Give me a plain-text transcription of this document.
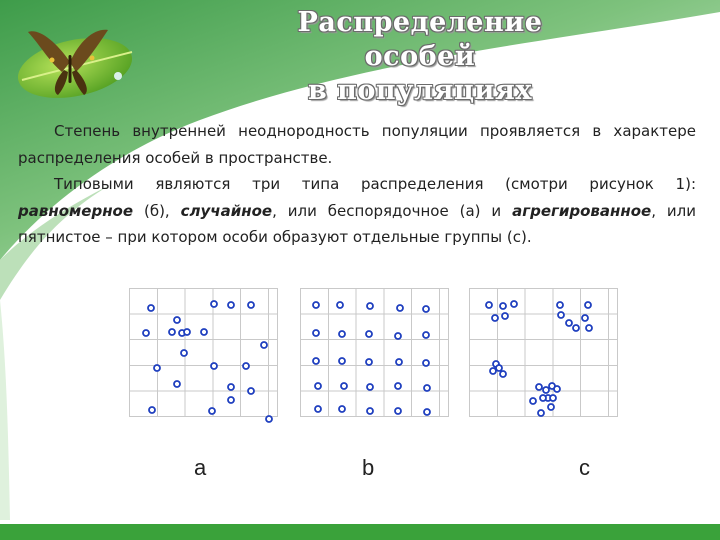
Распределение особей
в популяциях

Степень внутренней неоднородность популяции проявляется в характере распределения особей в пространстве.

Типовыми являются три типа распределения (смотри рисунок 1): равномерное (б), случайное, или беспорядочное (а) и агрегированное, или пятнистое – при котором особи образуют отдельные группы (с).

a	b	c
